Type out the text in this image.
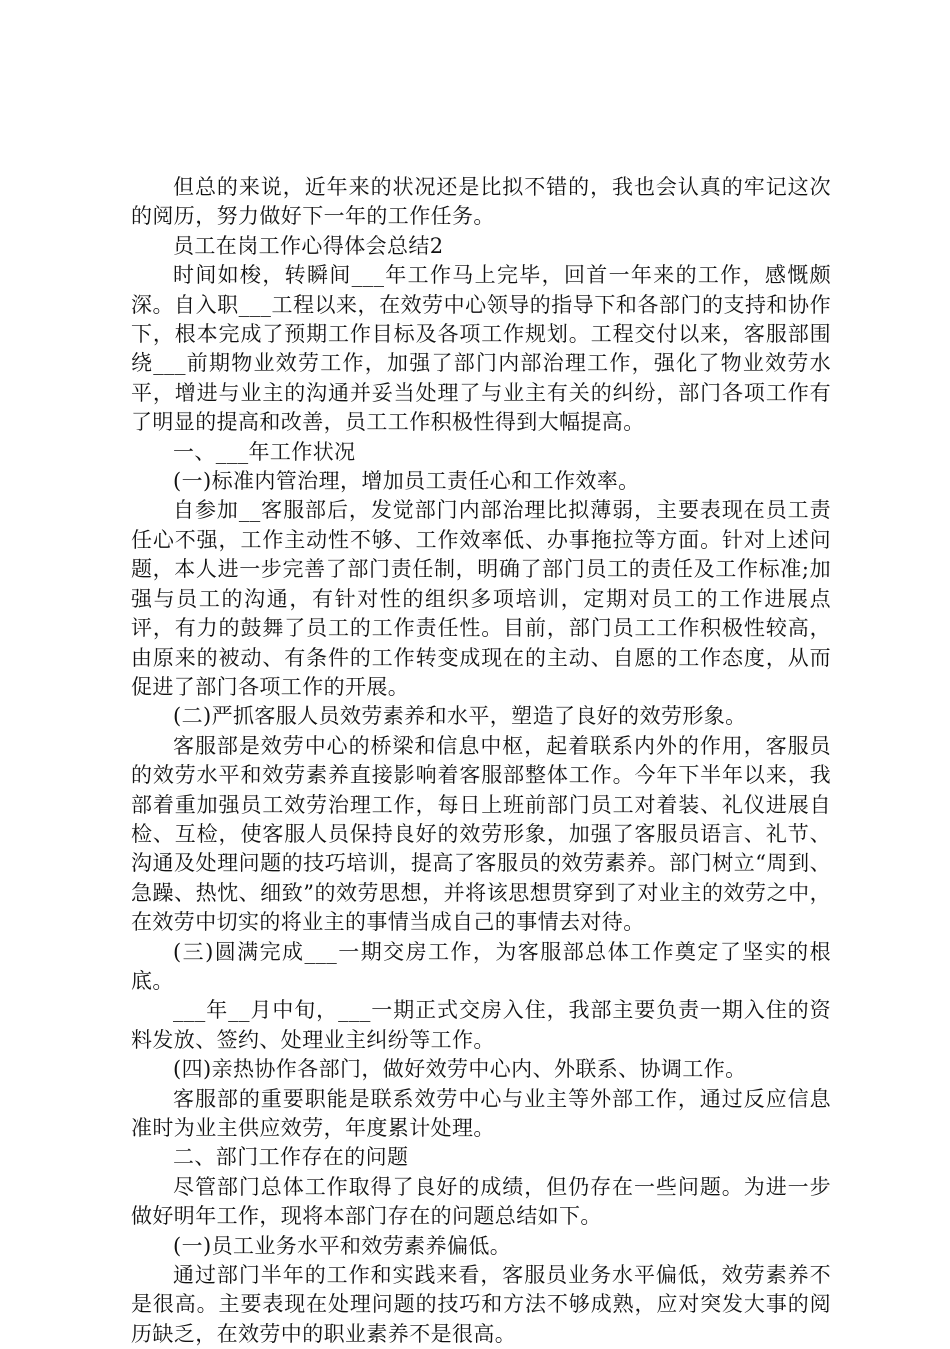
但总的来说，近年来的状况还是比拟不错的，我也会认真的牢记这次的阅历，努力做好下一年的工作任务。

员工在岗工作心得体会总结2

时间如梭，转瞬间___年工作马上完毕，回首一年来的工作，感慨颇深。自入职___工程以来，在效劳中心领导的指导下和各部门的支持和协作下，根本完成了预期工作目标及各项工作规划。工程交付以来，客服部围绕___前期物业效劳工作，加强了部门内部治理工作，强化了物业效劳水平，增进与业主的沟通并妥当处理了与业主有关的纠纷，部门各项工作有了明显的提高和改善，员工工作积极性得到大幅提高。

一、___年工作状况

(一)标准内管治理，增加员工责任心和工作效率。

自参加__客服部后，发觉部门内部治理比拟薄弱，主要表现在员工责任心不强，工作主动性不够、工作效率低、办事拖拉等方面。针对上述问题，本人进一步完善了部门责任制，明确了部门员工的责任及工作标准;加强与员工的沟通，有针对性的组织多项培训，定期对员工的工作进展点评，有力的鼓舞了员工的工作责任性。目前，部门员工工作积极性较高，由原来的被动、有条件的工作转变成现在的主动、自愿的工作态度，从而促进了部门各项工作的开展。

(二)严抓客服人员效劳素养和水平，塑造了良好的效劳形象。

客服部是效劳中心的桥梁和信息中枢，起着联系内外的作用，客服员的效劳水平和效劳素养直接影响着客服部整体工作。今年下半年以来，我部着重加强员工效劳治理工作，每日上班前部门员工对着装、礼仪进展自检、互检，使客服人员保持良好的效劳形象，加强了客服员语言、礼节、沟通及处理问题的技巧培训，提高了客服员的效劳素养。部门树立“周到、急躁、热忱、细致”的效劳思想，并将该思想贯穿到了对业主的效劳之中，在效劳中切实的将业主的事情当成自己的事情去对待。

(三)圆满完成___一期交房工作，为客服部总体工作奠定了坚实的根底。

___年__月中旬，___一期正式交房入住，我部主要负责一期入住的资料发放、签约、处理业主纠纷等工作。

(四)亲热协作各部门，做好效劳中心内、外联系、协调工作。

客服部的重要职能是联系效劳中心与业主等外部工作，通过反应信息准时为业主供应效劳，年度累计处理。

二、部门工作存在的问题

尽管部门总体工作取得了良好的成绩，但仍存在一些问题。为进一步做好明年工作，现将本部门存在的问题总结如下。

(一)员工业务水平和效劳素养偏低。

通过部门半年的工作和实践来看，客服员业务水平偏低，效劳素养不是很高。主要表现在处理问题的技巧和方法不够成熟，应对突发大事的阅历缺乏，在效劳中的职业素养不是很高。
